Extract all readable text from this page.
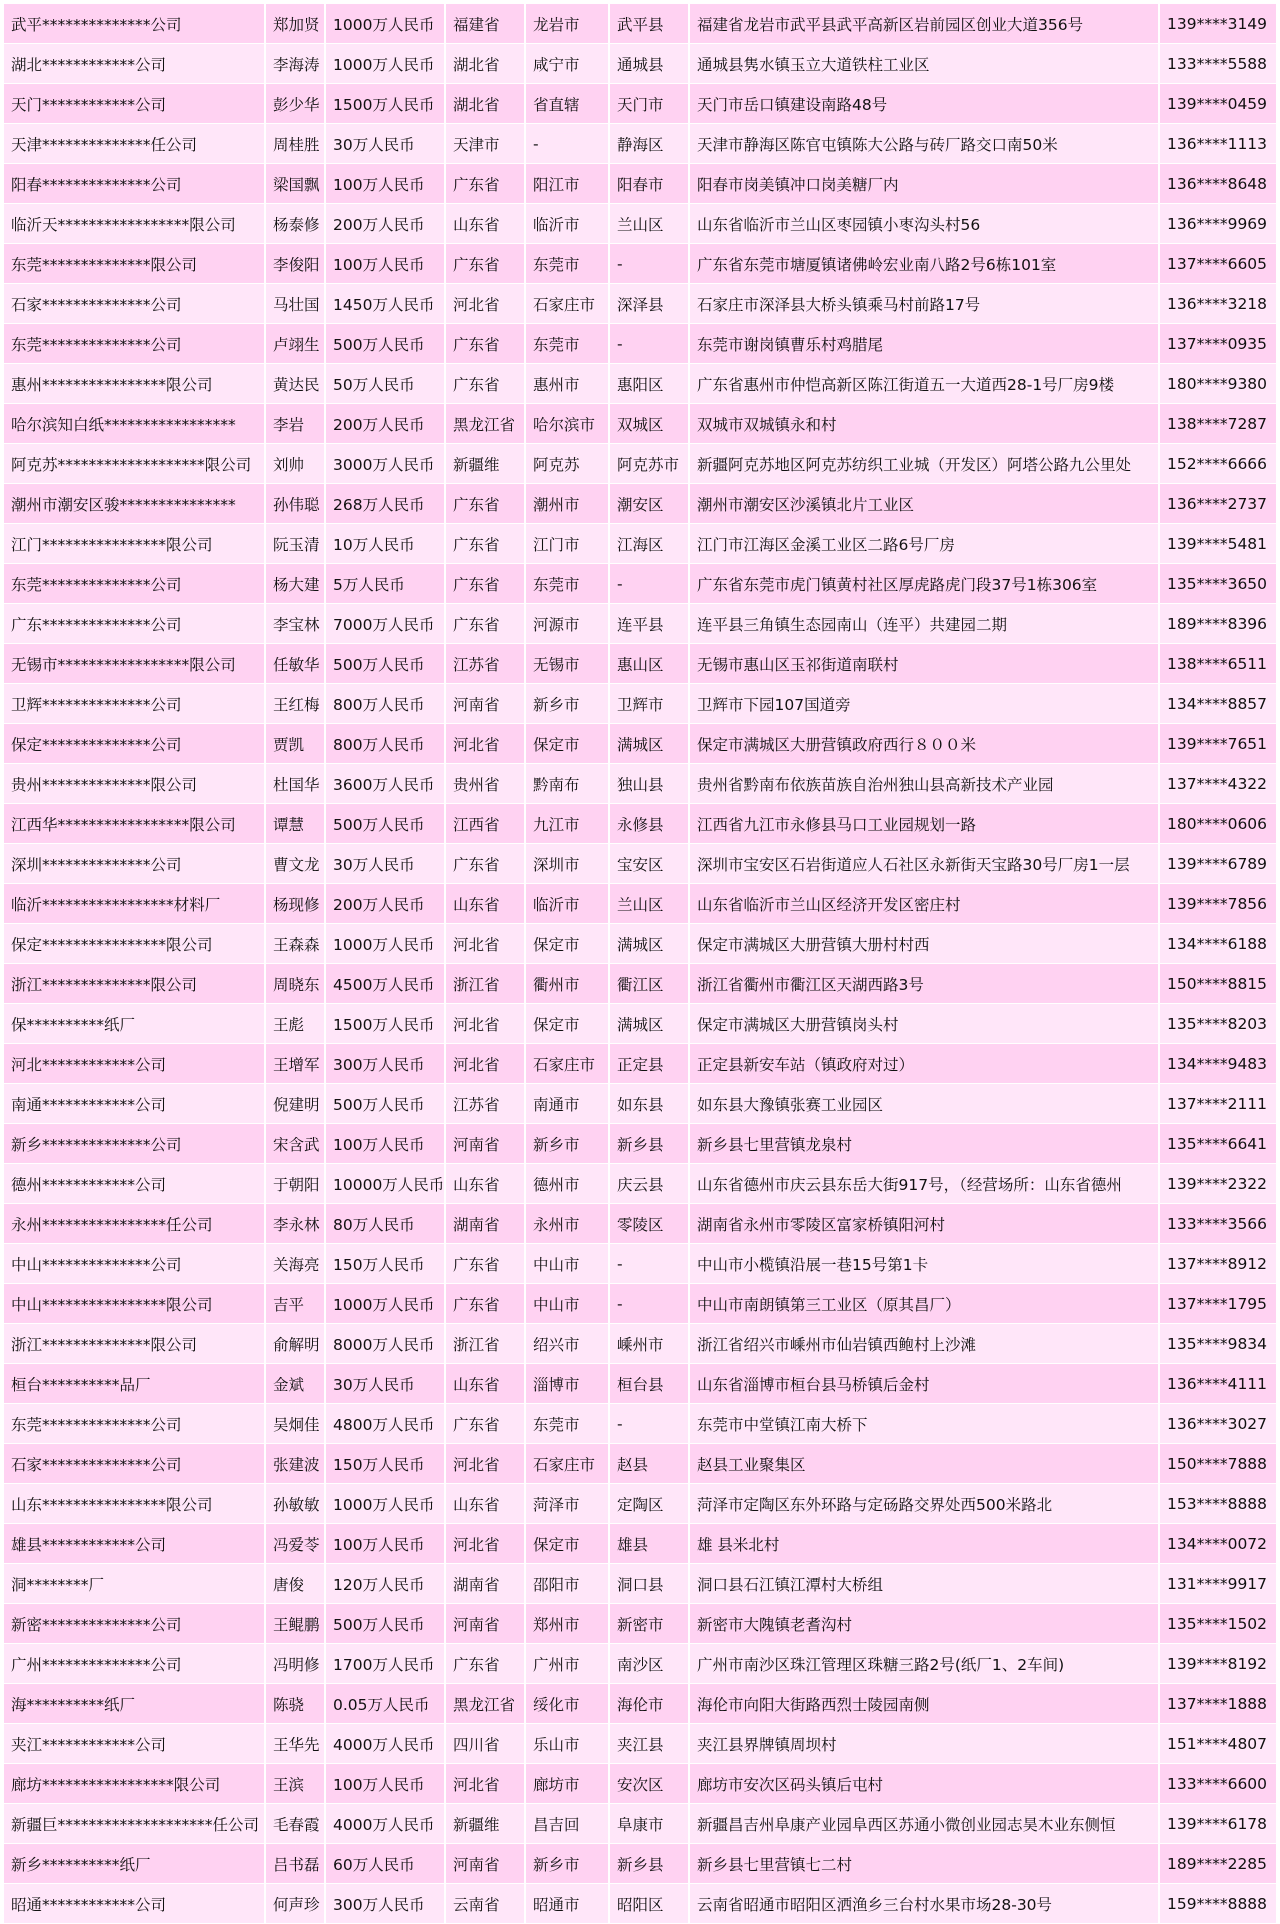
武平**************公司	郑加贤 1000万人民币	福建省	龙岩市	武平县	福建省龙岩市武平县武平高新区岩前园区创业大道356号	139****3149
湖北************公司	李海涛 1000万人民币	湖北省	咸宁市	通城县	通城县隽水镇玉立大道铁柱工业区	133****5588
天门************公司	彭少华 1500万人民币	湖北省	省直辖	天门市	天门市岳口镇建设南路48号	139****0459
天津**************任公司	周桂胜 30万人民币	天津市	-	静海区	天津市静海区陈官屯镇陈大公路与砖厂路交口南50米	136****1113
阳春**************公司	梁国飘 100万人民币	广东省	阳江市	阳春市	阳春市岗美镇冲口岗美糖厂内	136****8648
临沂天*****************限公司	杨泰修 200万人民币	山东省	临沂市	兰山区	山东省临沂市兰山区枣园镇小枣沟头村56	136****9969
东莞**************限公司	李俊阳 100万人民币	广东省	东莞市	-	广东省东莞市塘厦镇诸佛岭宏业南八路2号6栋101室	137****6605
石家**************公司	马壮国 1450万人民币	河北省	石家庄市	深泽县	石家庄市深泽县大桥头镇乘马村前路17号	136****3218
东莞**************公司	卢翊生 500万人民币	广东省	东莞市	-	东莞市谢岗镇曹乐村鸡腊尾	137****0935
惠州****************限公司	黄达民 50万人民币	广东省	惠州市	惠阳区	广东省惠州市仲恺高新区陈江街道五一大道西28-1号厂房9楼	180****9380
哈尔滨知白纸*****************	李岩	200万人民币	黑龙江省	哈尔滨市	双城区	双城市双城镇永和村	138****7287
阿克苏*******************限公司	刘帅	3000万人民币	新疆维	阿克苏	阿克苏市	新疆阿克苏地区阿克苏纺织工业城（开发区）阿塔公路九公里处	152****6666
潮州市潮安区骏***************	孙伟聪 268万人民币	广东省	潮州市	潮安区	潮州市潮安区沙溪镇北片工业区	136****2737
江门****************限公司	阮玉清 10万人民币	广东省	江门市	江海区	江门市江海区金溪工业区二路6号厂房	139****5481
东莞**************公司	杨大建 5万人民币	广东省	东莞市	-	广东省东莞市虎门镇黄村社区厚虎路虎门段37号1栋306室	135****3650
广东**************公司	李宝林 7000万人民币	广东省	河源市	连平县	连平县三角镇生态园南山（连平）共建园二期	189****8396
无锡市*****************限公司	任敏华 500万人民币	江苏省	无锡市	惠山区	无锡市惠山区玉祁街道南联村	138****6511
卫辉**************公司	王红梅 800万人民币	河南省	新乡市	卫辉市	卫辉市下园107国道旁	134****8857
保定**************公司	贾凯	800万人民币	河北省	保定市	满城区	保定市满城区大册营镇政府西行８００米	139****7651
贵州**************限公司	杜国华 3600万人民币	贵州省	黔南布	独山县	贵州省黔南布依族苗族自治州独山县高新技术产业园	137****4322
江西华*****************限公司	谭慧	500万人民币	江西省	九江市	永修县	江西省九江市永修县马口工业园规划一路	180****0606
深圳**************公司	曹文龙 30万人民币	广东省	深圳市	宝安区	深圳市宝安区石岩街道应人石社区永新街天宝路30号厂房1一层	139****6789
临沂*****************材料厂	杨现修 200万人民币	山东省	临沂市	兰山区	山东省临沂市兰山区经济开发区密庄村	139****7856
保定****************限公司	王森森 1000万人民币	河北省	保定市	满城区	保定市满城区大册营镇大册村村西	134****6188
浙江**************限公司	周晓东 4500万人民币	浙江省	衢州市	衢江区	浙江省衢州市衢江区天湖西路3号	150****8815
保**********纸厂	王彪	1500万人民币	河北省	保定市	满城区	保定市满城区大册营镇岗头村	135****8203
河北************公司	王增军 300万人民币	河北省	石家庄市	正定县	正定县新安车站（镇政府对过）	134****9483
南通************公司	倪建明 500万人民币	江苏省	南通市	如东县	如东县大豫镇张赛工业园区	137****2111
新乡**************公司	宋含武 100万人民币	河南省	新乡市	新乡县	新乡县七里营镇龙泉村	135****6641
德州************公司	于朝阳 10000万人民币 山东省	德州市	庆云县	山东省德州市庆云县东岳大街917号，（经营场所：山东省德州	139****2322
永州****************任公司	李永林 80万人民币	湖南省	永州市	零陵区	湖南省永州市零陵区富家桥镇阳河村	133****3566
中山**************公司	关海亮 150万人民币	广东省	中山市	-	中山市小榄镇沿展一巷15号第1卡	137****8912
中山****************限公司	吉平	1000万人民币	广东省	中山市	-	中山市南朗镇第三工业区（原其昌厂）	137****1795
浙江**************限公司	俞解明 8000万人民币	浙江省	绍兴市	嵊州市	浙江省绍兴市嵊州市仙岩镇西鲍村上沙滩	135****9834
桓台**********品厂	金斌	30万人民币	山东省	淄博市	桓台县	山东省淄博市桓台县马桥镇后金村	136****4111
东莞**************公司	吴炯佳 4800万人民币	广东省	东莞市	-	东莞市中堂镇江南大桥下	136****3027
石家**************公司	张建波 150万人民币	河北省	石家庄市	赵县	赵县工业聚集区	150****7888
山东****************限公司	孙敏敏 1000万人民币	山东省	菏泽市	定陶区	菏泽市定陶区东外环路与定砀路交界处西500米路北	153****8888
雄县************公司	冯爱苓 100万人民币	河北省	保定市	雄县	雄 县米北村	134****0072
洞********厂	唐俊	120万人民币	湖南省	邵阳市	洞口县	洞口县石江镇江潭村大桥组	131****9917
新密**************公司	王鲲鹏 500万人民币	河南省	郑州市	新密市	新密市大隗镇老耆沟村	135****1502
广州**************公司	冯明修 1700万人民币	广东省	广州市	南沙区	广州市南沙区珠江管理区珠糖三路2号(纸厂1、2车间)	139****8192
海**********纸厂	陈骁	0.05万人民币	黑龙江省	绥化市	海伦市	海伦市向阳大街路西烈士陵园南侧	137****1888
夹江************公司	王华先 4000万人民币	四川省	乐山市	夹江县	夹江县界牌镇周坝村	151****4807
廊坊*****************限公司	王滨	100万人民币	河北省	廊坊市	安次区	廊坊市安次区码头镇后屯村	133****6600
新疆巨********************任公司 毛春霞 4000万人民币	新疆维	昌吉回	阜康市	新疆昌吉州阜康产业园阜西区苏通小微创业园志昊木业东侧恒	139****6178
新乡**********纸厂	吕书磊 60万人民币	河南省	新乡市	新乡县	新乡县七里营镇七二村	189****2285
昭通************公司	何声珍 300万人民币	云南省	昭通市	昭阳区	云南省昭通市昭阳区洒渔乡三台村水果市场28-30号	159****8888
